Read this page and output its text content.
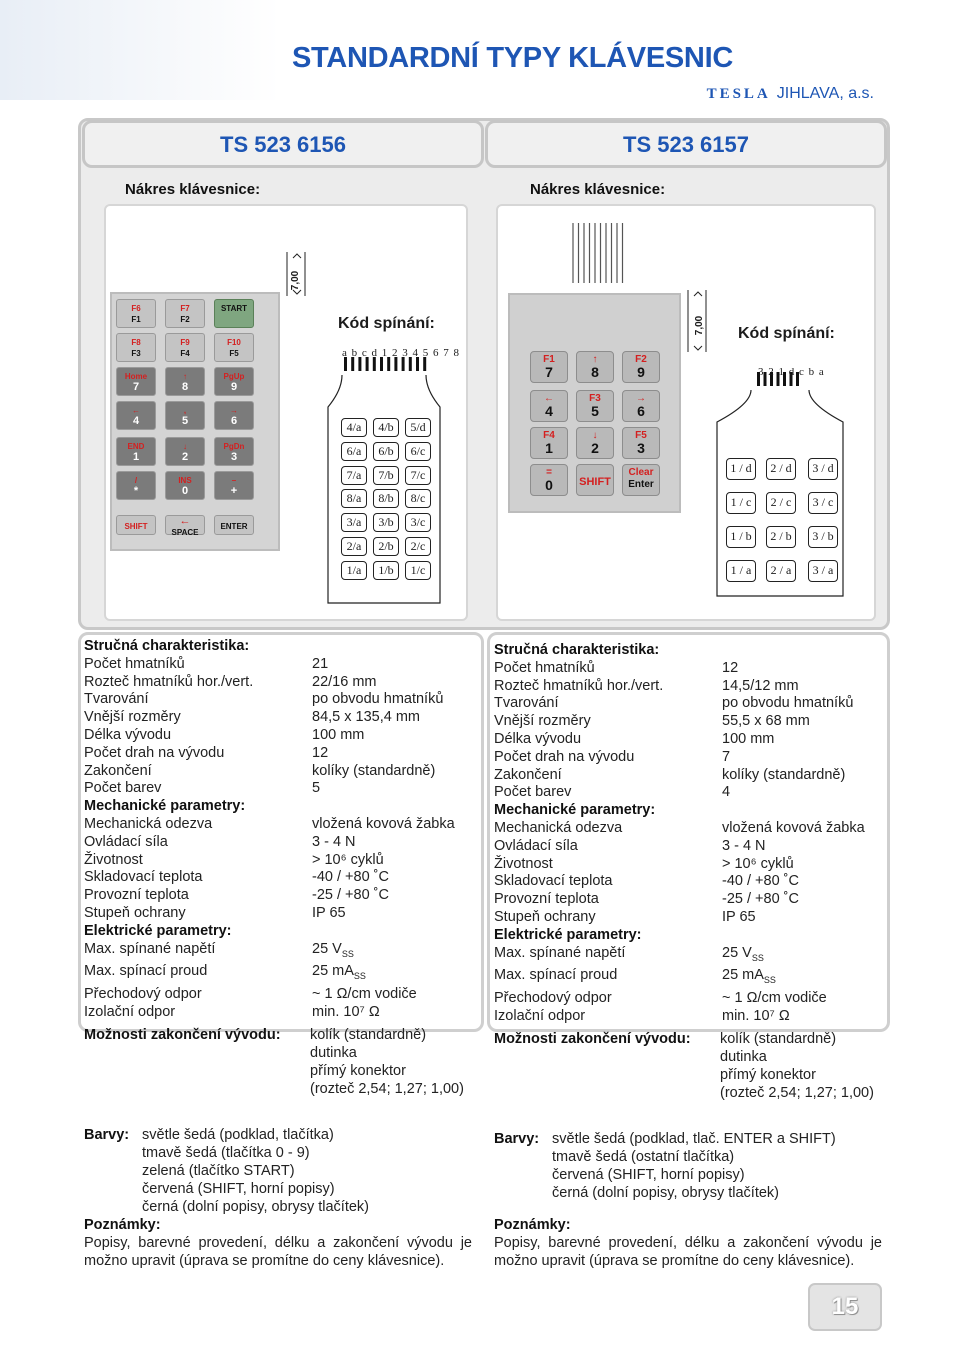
STANDARDNÍ TYPY KLÁVESNIC
TESLA JIHLAVA, a.s.
TS 523 6156	TS 523 6157
Nákres klávesnice:	Nákres klávesnice:
7,00
Kód spínání:
a b c d 1 2 3 4 5 6 7 8
4/a	4/b	5/d
6/a	6/b	6/c
7/a	7/b	7/c
8/a	8/b	8/c
3/a	3/b	3/c
2/a	2/b	2/c
1/a	1/b	1/c
F1
7
↑
8
F2
9
←
4
F3
5
→
6
F4
1
↓
2
F5
3
=
0	SHIFT
Clear
Enter
7,00 Kód spínání:
3 2 1 d c b a
1 / d	2 / d	3 / d
1 / c	2 / c	3 / c
1 / b	2 / b	3 / b
1 / a	2 / a	3 / a
Stručná charakteristika:
Počet hmatníků	21
Rozteč hmatníků hor./vert.	22/16 mm
Tvarování	po obvodu hmatníků
Vnější rozměry	84,5 x 135,4 mm
Délka vývodu	100 mm
Počet drah na vývodu	12
Zakončení	kolíky (standardně)
Počet barev	5
Mechanické parametry:
Mechanická odezva	vložená kovová žabka
Ovládací síla	3 - 4 N
Životnost	> 10⁶ cyklů
Skladovací teplota	-40 / +80 ˚C
Provozní teplota	-25 / +80 ˚C
Stupeň ochrany	IP 65
Elektrické parametry:
Max. spínané napětí	25 $V_{SS}$
Max. spínací proud	25 $mA_{SS}$
Přechodový odpor	~ 1 Ω/cm vodiče
Izolační odpor	min. 10⁷ Ω
Stručná charakteristika:
Počet hmatníků	12
Rozteč hmatníků hor./vert.	14,5/12 mm
Tvarování	po obvodu hmatníků
Vnější rozměry	55,5 x 68 mm
Délka vývodu	100 mm
Počet drah na vývodu	7
Zakončení	kolíky (standardně)
Počet barev	4
Mechanické parametry:
Mechanická odezva	vložená kovová žabka
Ovládací síla	3 - 4 N
Životnost	> 10⁶ cyklů
Skladovací teplota	-40 / +80 ˚C
Provozní teplota	-25 / +80 ˚C
Stupeň ochrany	IP 65
Elektrické parametry:
Max. spínané napětí	25 $V_{SS}$
Max. spínací proud	25 $mA_{SS}$
Přechodový odpor	~ 1 Ω/cm vodiče
Izolační odpor	min. 10⁷ Ω
Možnosti zakončení vývodu:	kolík (standardně)
dutinka
přímý konektor
(rozteč 2,54; 1,27; 1,00)
Barvy: světle šedá (podklad, tlačítka)
tmavě šedá (tlačítka 0 - 9)
zelená (tlačítko START)
červená (SHIFT, horní popisy)
černá (dolní popisy, obrysy tlačítek)
Poznámky:
Popisy, barevné provedení, délku a zakončení vývodu je možno upravit (úprava se promítne do ceny klávesnice).
Možnosti zakončení vývodu:	kolík (standardně)
dutinka
přímý konektor
(rozteč 2,54; 1,27; 1,00)
Barvy: světle šedá (podklad, tlač. ENTER a SHIFT)
tmavě šedá (ostatní tlačítka)
červená (SHIFT, horní popisy)
černá (dolní popisy, obrysy tlačítek)
Poznámky:
Popisy, barevné provedení, délku a zakončení vývodu je možno upravit (úprava se promítne do ceny klávesnice).
15
F6
F1
F7
F2
START
F8
F3
F9
F4
F10
F5
Home
7
↑
8
PgUp
9
←
4
,
5
→
6
END
1
↓
2
PgDn
3
/
*
INS
0
–
+
SHIFT	←
SPACE
ENTER
